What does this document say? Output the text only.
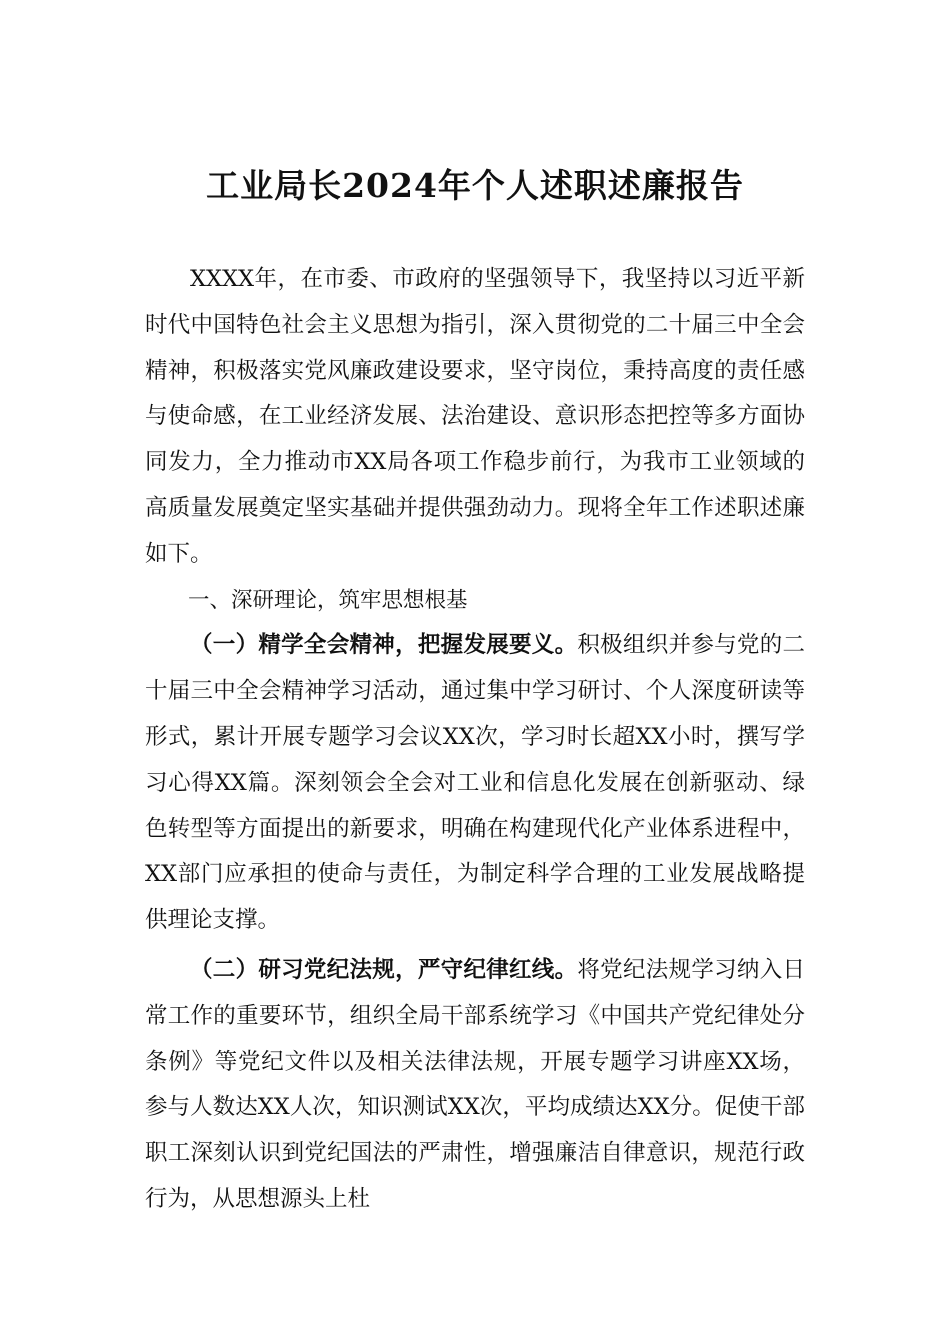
工业局长2024年个人述职述廉报告

XXXX年，在市委、市政府的坚强领导下，我坚持以习近平新时代中国特色社会主义思想为指引，深入贯彻党的二十届三中全会精神，积极落实党风廉政建设要求，坚守岗位，秉持高度的责任感与使命感，在工业经济发展、法治建设、意识形态把控等多方面协同发力，全力推动市XX局各项工作稳步前行，为我市工业领域的高质量发展奠定坚实基础并提供强劲动力。现将全年工作述职述廉如下。

一、深研理论，筑牢思想根基

（一）精学全会精神，把握发展要义。积极组织并参与党的二十届三中全会精神学习活动，通过集中学习研讨、个人深度研读等形式，累计开展专题学习会议XX次，学习时长超XX小时，撰写学习心得XX篇。深刻领会全会对工业和信息化发展在创新驱动、绿色转型等方面提出的新要求，明确在构建现代化产业体系进程中，XX部门应承担的使命与责任，为制定科学合理的工业发展战略提供理论支撑。

（二）研习党纪法规，严守纪律红线。将党纪法规学习纳入日常工作的重要环节，组织全局干部系统学习《中国共产党纪律处分条例》等党纪文件以及相关法律法规，开展专题学习讲座XX场，参与人数达XX人次，知识测试XX次，平均成绩达XX分。促使干部职工深刻认识到党纪国法的严肃性，增强廉洁自律意识，规范行政行为，从思想源头上杜
